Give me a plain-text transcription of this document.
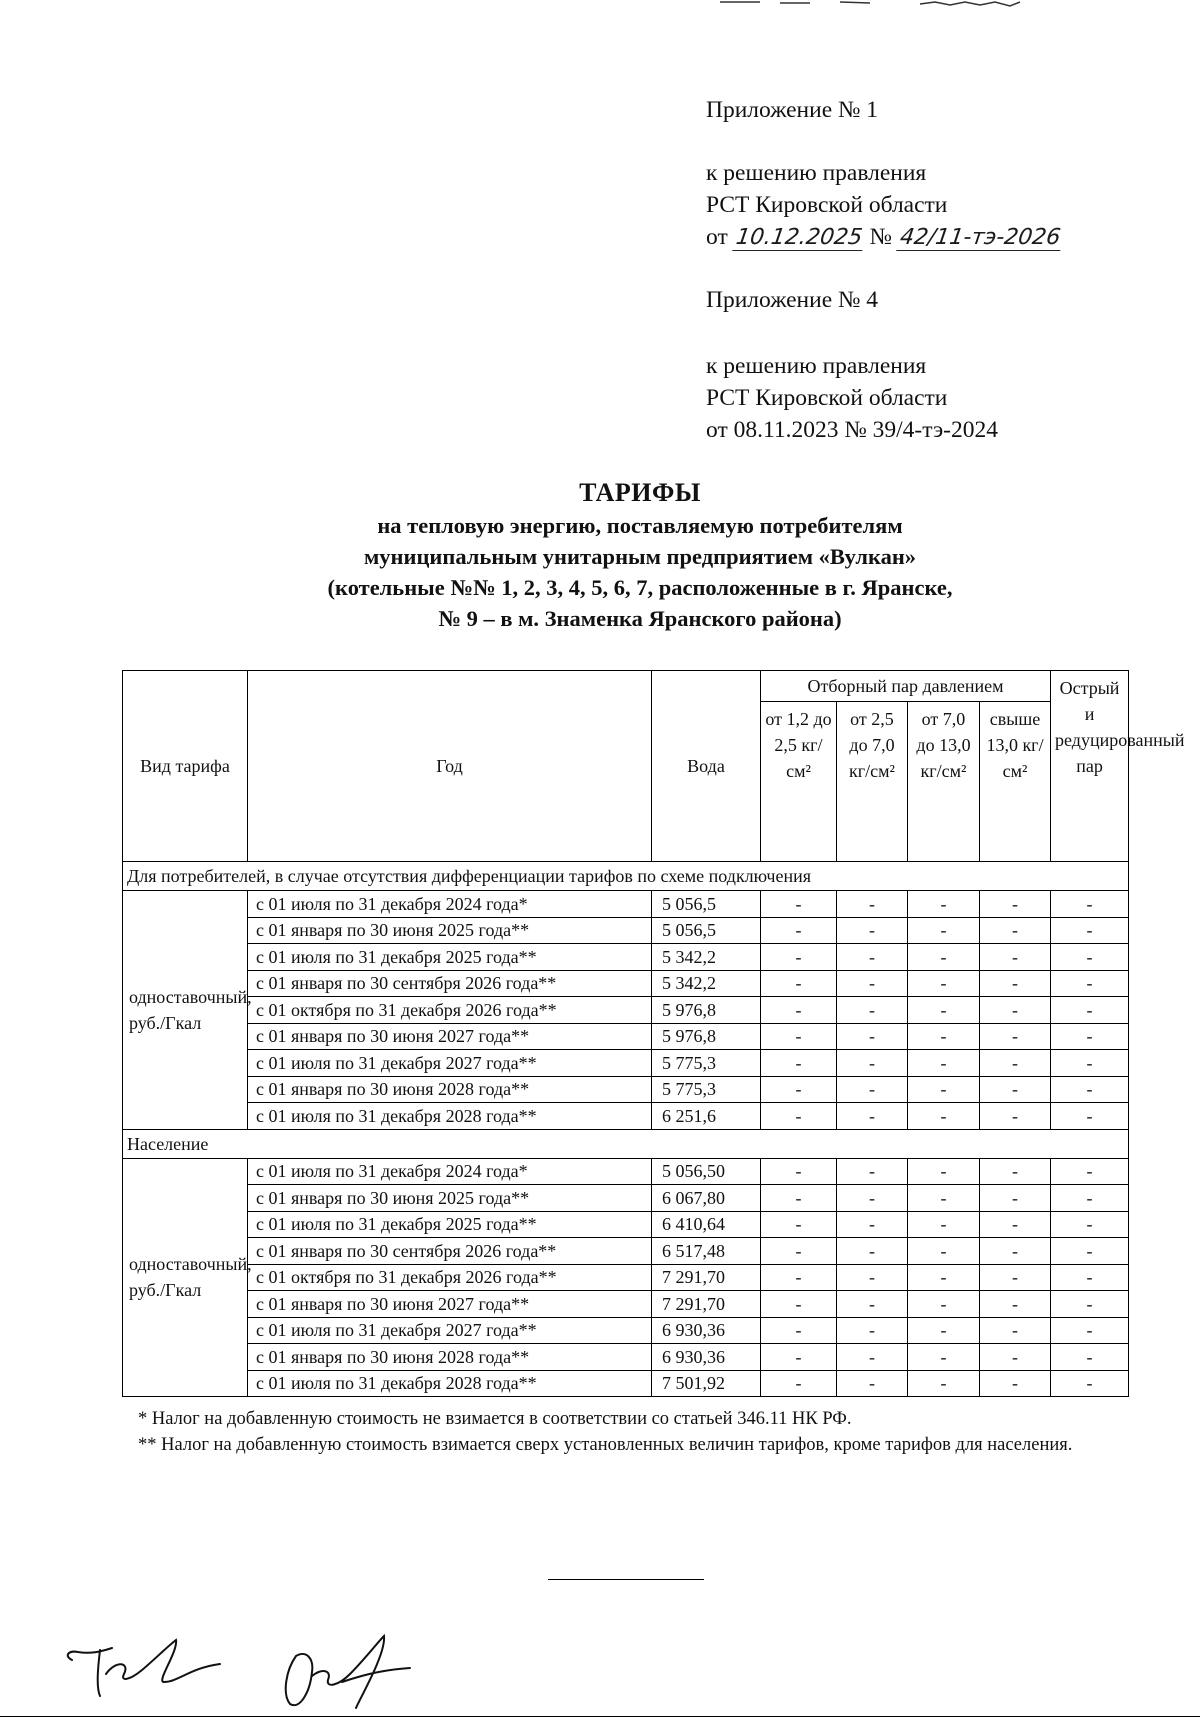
Приложение № 1
к решению правления
РСТ Кировской области
от 10.12.2025 № 42/11-тэ-2026
Приложение № 4
к решению правления
РСТ Кировской области
от 08.11.2023 № 39/4-тэ-2024
ТАРИФЫ
на тепловую энергию, поставляемую потребителям
муниципальным унитарным предприятием «Вулкан»
(котельные №№ 1, 2, 3, 4, 5, 6, 7, расположенные в г. Яранске,
№ 9 – в м. Знаменка Яранского района)
Вид тарифа	Год	Вода	Отборный пар давлением				Острый и редуцированный пар
			от 1,2 до 2,5 кг/см²	от 2,5 до 7,0 кг/см²	от 7,0 до 13,0 кг/см²	свыше 13,0 кг/см²	
Для потребителей, в случае отсутствия дифференциации тарифов по схеме подключения							
одноставочный, руб./Гкал	с 01 июля по 31 декабря 2024 года*	5 056,5	-	-	-	-	-
	с 01 января по 30 июня 2025 года**	5 056,5	-	-	-	-	-
	с 01 июля по 31 декабря 2025 года**	5 342,2	-	-	-	-	-
	с 01 января по 30 сентября 2026 года**	5 342,2	-	-	-	-	-
	с 01 октября по 31 декабря 2026 года**	5 976,8	-	-	-	-	-
	с 01 января по 30 июня 2027 года**	5 976,8	-	-	-	-	-
	с 01 июля по 31 декабря 2027 года**	5 775,3	-	-	-	-	-
	с 01 января по 30 июня 2028 года**	5 775,3	-	-	-	-	-
	с 01 июля по 31 декабря 2028 года**	6 251,6	-	-	-	-	-
Население							
одноставочный, руб./Гкал	с 01 июля по 31 декабря 2024 года*	5 056,50	-	-	-	-	-
	с 01 января по 30 июня 2025 года**	6 067,80	-	-	-	-	-
	с 01 июля по 31 декабря 2025 года**	6 410,64	-	-	-	-	-
	с 01 января по 30 сентября 2026 года**	6 517,48	-	-	-	-	-
	с 01 октября по 31 декабря 2026 года**	7 291,70	-	-	-	-	-
	с 01 января по 30 июня 2027 года**	7 291,70	-	-	-	-	-
	с 01 июля по 31 декабря 2027 года**	6 930,36	-	-	-	-	-
	с 01 января по 30 июня 2028 года**	6 930,36	-	-	-	-	-
	с 01 июля по 31 декабря 2028 года**	7 501,92	-	-	-	-	-
* Налог на добавленную стоимость не взимается в соответствии со статьей 346.11 НК РФ.
** Налог на добавленную стоимость взимается сверх установленных величин тарифов, кроме тарифов для населения.
